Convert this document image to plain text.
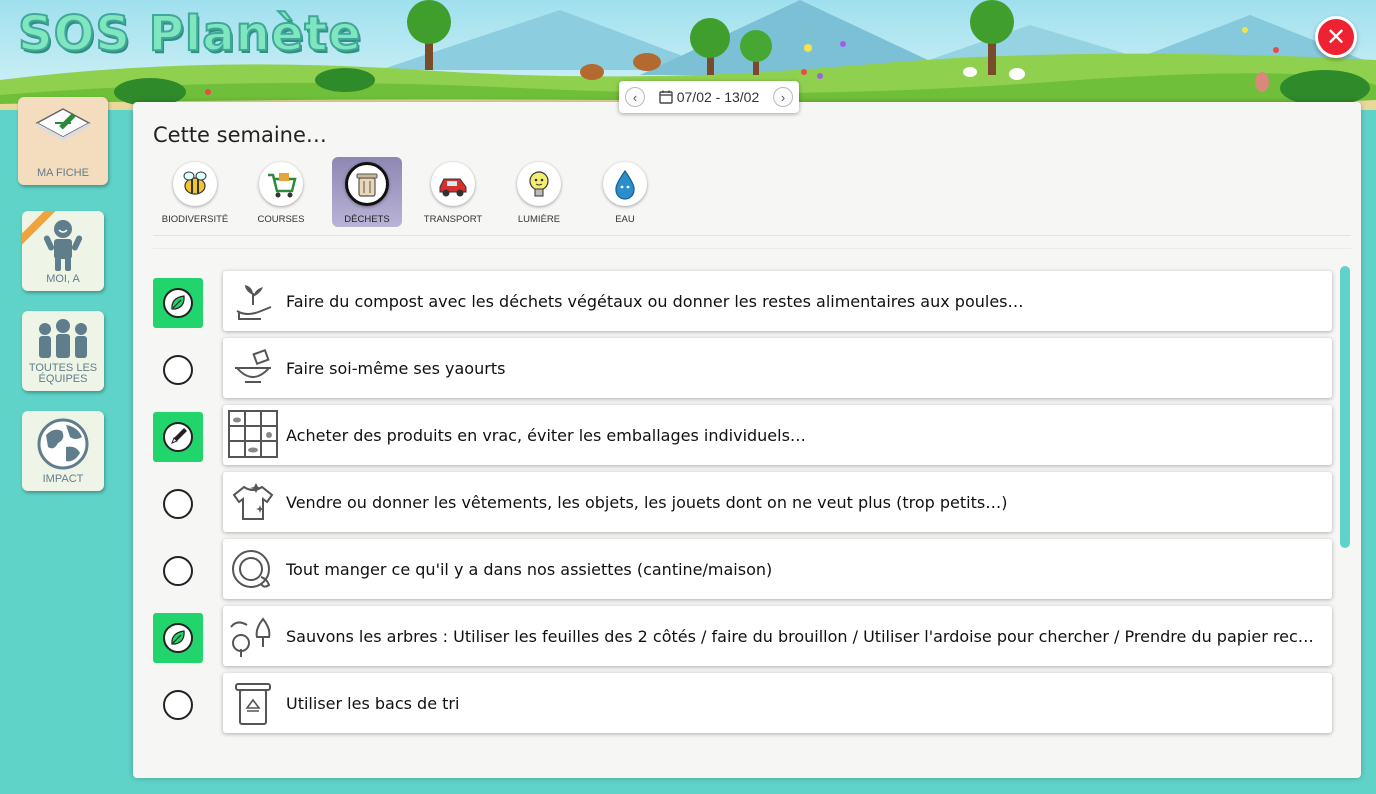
SOS Planète	✕
‹	07/02 - 13/02	›
MA FICHE
MOI, A
TOUTES LES ÉQUIPES
IMPACT
Cette semaine…
BIODIVERSITÉ	COURSES	DÉCHETS	TRANSPORT	LUMIÈRE	EAU
Faire du compost avec les déchets végétaux ou donner les restes alimentaires aux poules…
Faire soi-même ses yaourts
Acheter des produits en vrac, éviter les emballages individuels…
Vendre ou donner les vêtements, les objets, les jouets dont on ne veut plus (trop petits…)
Tout manger ce qu'il y a dans nos assiettes (cantine/maison)
Sauvons les arbres : Utiliser les feuilles des 2 côtés / faire du brouillon / Utiliser l'ardoise pour chercher / Prendre du papier rec…
Utiliser les bacs de tri
